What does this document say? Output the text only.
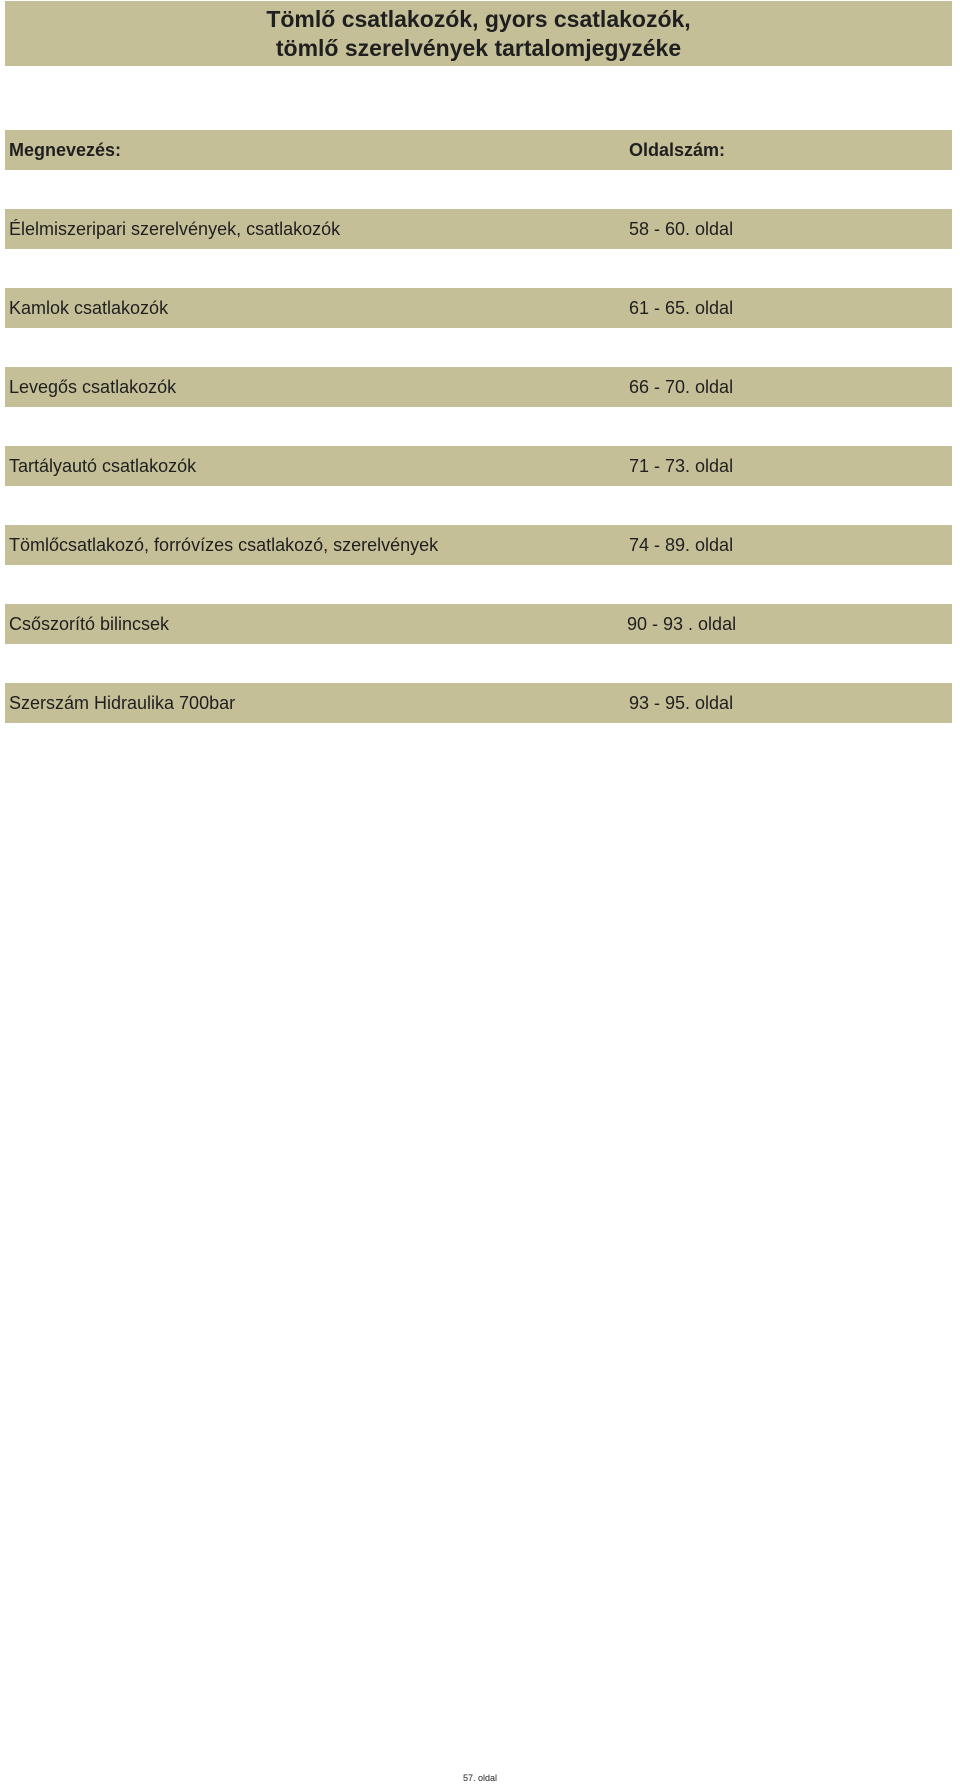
Tömlő csatlakozók, gyors csatlakozók,
tömlő szerelvények tartalomjegyzéke
Megnevezés:	Oldalszám:
Élelmiszeripari szerelvények, csatlakozók	58 - 60. oldal
Kamlok csatlakozók	61 - 65. oldal
Levegős csatlakozók	66 - 70. oldal
Tartályautó csatlakozók	71 - 73. oldal
Tömlőcsatlakozó, forróvízes csatlakozó, szerelvények	74 - 89. oldal
Csőszorító bilincsek	90 - 93 . oldal
Szerszám Hidraulika 700bar	93 - 95. oldal
57. oldal
